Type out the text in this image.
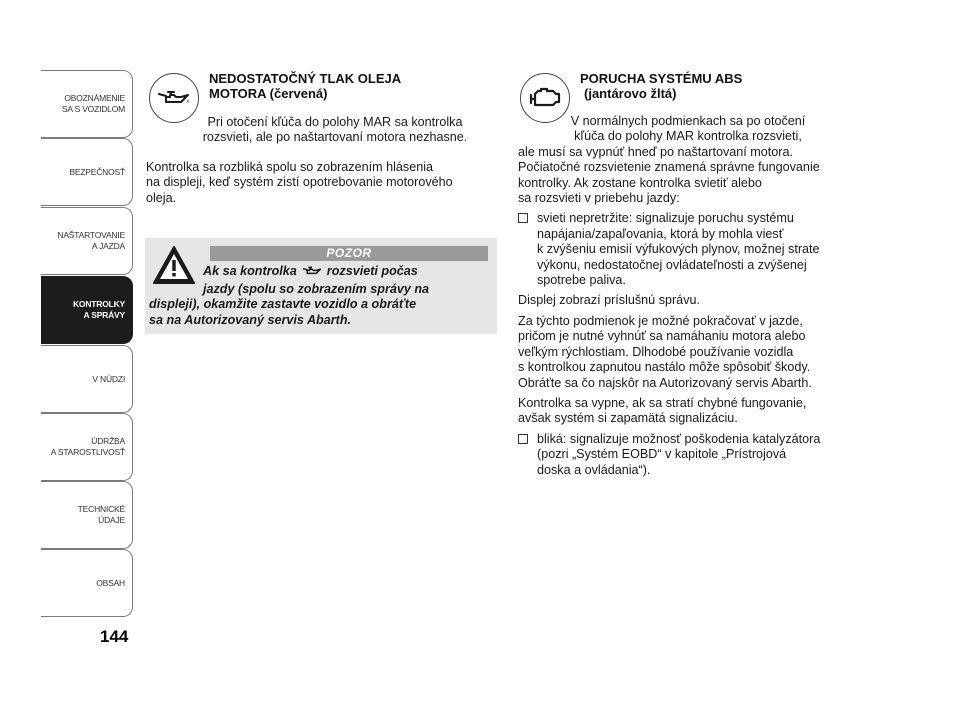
OBOZNÁMENIE
SA S VOZIDLOM
BEZPEČNOSŤ
NAŠTARTOVANIE
A JAZDA
KONTROLKY
A SPRÁVY
V NÚDZI
ÚDRŽBA
A STAROSTLIVOSŤ
TECHNICKÉ
ÚDAJE
OBSAH
144
NEDOSTATOČNÝ TLAK OLEJA
MOTORA (červená)
Pri otočení kľúča do polohy MAR sa kontrolka
rozsvieti, ale po naštartovaní motora nezhasne.
Kontrolka sa rozbliká spolu so zobrazením hlásenia
na displeji, keď systém zistí opotrebovanie motorového
oleja.
POZOR
Ak sa kontrolka rozsvieti počas
jazdy (spolu so zobrazením správy na
displeji), okamžite zastavte vozidlo a obráťte
sa na Autorizovaný servis Abarth.
PORUCHA SYSTÉMU ABS
(jantárovo žltá)
V normálnych podmienkach sa po otočení
kľúča do polohy MAR kontrolka rozsvieti,

ale musí sa vypnúť hneď po naštartovaní motora.
Počiatočné rozsvietenie znamená správne fungovanie
kontrolky. Ak zostane kontrolka svietiť alebo
sa rozsvieti v priebehu jazdy:

svieti nepretržite: signalizuje poruchu systému
napájania/zapaľovania, ktorá by mohla viesť
k zvýšeniu emisií výfukových plynov, možnej strate
výkonu, nedostatočnej ovládateľnosti a zvýšenej
spotrebe paliva.

Displej zobrazí príslušnú správu.

Za týchto podmienok je možné pokračovať v jazde,
pričom je nutné vyhnúť sa namáhaniu motora alebo
veľkým rýchlostiam. Dlhodobé používanie vozidla
s kontrolkou zapnutou nastálo môže spôsobiť škody.
Obráťte sa čo najskôr na Autorizovaný servis Abarth.

Kontrolka sa vypne, ak sa stratí chybné fungovanie,
avšak systém si zapamätá signalizáciu.

bliká: signalizuje možnosť poškodenia katalyzátora
(pozri „Systém EOBD“ v kapitole „Prístrojová
doska a ovládania“).
